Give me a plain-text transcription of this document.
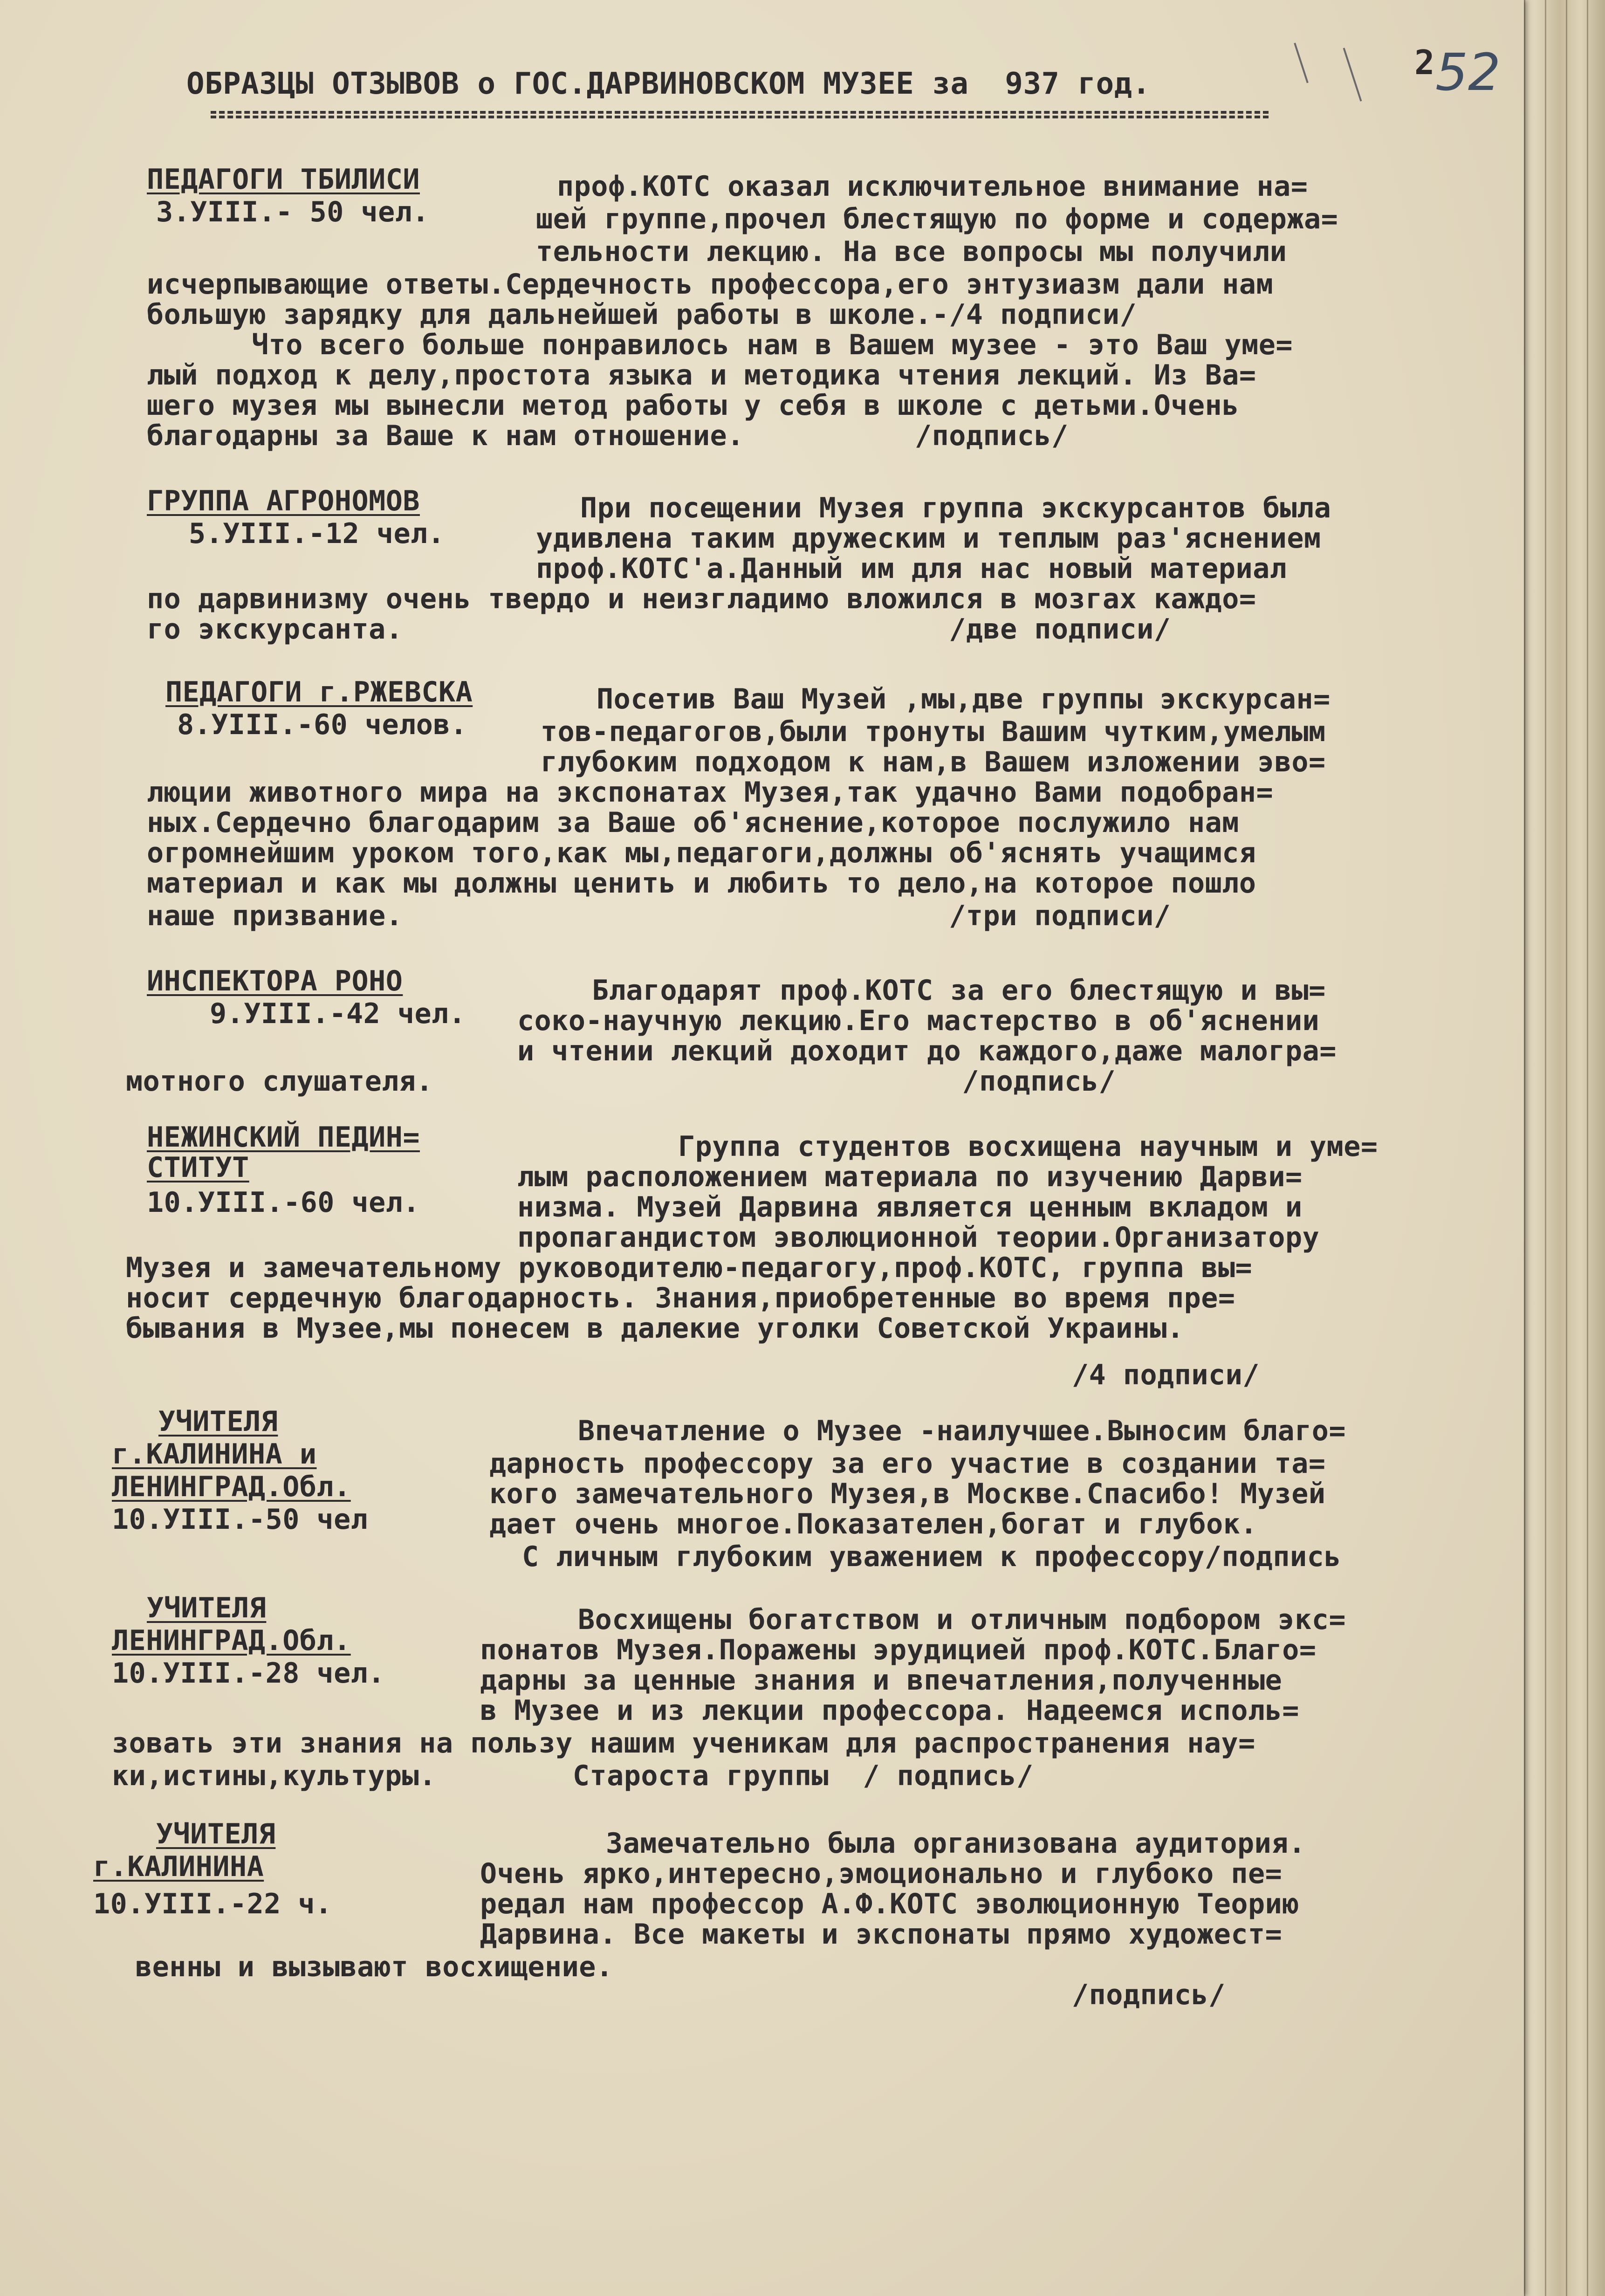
ОБРАЗЦЫ ОТЗЫВОВ о ГОС.ДАРВИНОВСКОМ МУЗЕЕ за  937 год.
2 52
ПЕДАГОГИ ТБИЛИСИ
3.УIII.- 50 чел.
проф.КОТС оказал исключительное внимание на=
шей группе,прочел блестящую по форме и содержа=
тельности лекцию. На все вопросы мы получили
исчерпывающие ответы.Сердечность профессора,его энтузиазм дали нам
большую зарядку для дальнейшей работы в школе.-/4 подписи/
Что всего больше понравилось нам в Вашем музее - это Ваш уме=
лый подход к делу,простота языка и методика чтения лекций. Из Ва=
шего музея мы вынесли метод работы у себя в школе с детьми.Очень
благодарны за Ваше к нам отношение.          /подпись/
ГРУППА АГРОНОМОВ
5.УIII.-12 чел.
При посещении Музея группа экскурсантов была
удивлена таким дружеским и теплым раз'яснением
проф.КОТС'а.Данный им для нас новый материал
по дарвинизму очень твердо и неизгладимо вложился в мозгах каждо=
го экскурсанта.                                /две подписи/
ПЕДАГОГИ г.РЖЕВСКА
8.УIII.-60 челов.
Посетив Ваш Музей ,мы,две группы экскурсан=
тов-педагогов,были тронуты Вашим чутким,умелым
глубоким подходом к нам,в Вашем изложении эво=
люции животного мира на экспонатах Музея,так удачно Вами подобран=
ных.Сердечно благодарим за Ваше об'яснение,которое послужило нам
огромнейшим уроком того,как мы,педагоги,должны об'яснять учащимся
материал и как мы должны ценить и любить то дело,на которое пошло
наше призвание.                                /три подписи/
ИНСПЕКТОРА РОНО
9.УIII.-42 чел.
Благодарят проф.КОТС за его блестящую и вы=
соко-научную лекцию.Его мастерство в об'яснении
и чтении лекций доходит до каждого,даже малогра=
мотного слушателя.                               /подпись/
НЕЖИНСКИЙ ПЕДИН=
СТИТУТ
10.УIII.-60 чел.
Группа студентов восхищена научным и уме=
лым расположением материала по изучению Дарви=
низма. Музей Дарвина является ценным вкладом и
пропагандистом эволюционной теории.Организатору
Музея и замечательному руководителю-педагогу,проф.КОТС, группа вы=
носит сердечную благодарность. Знания,приобретенные во время пре=
бывания в Музее,мы понесем в далекие уголки Советской Украины.
/4 подписи/
УЧИТЕЛЯ
г.КАЛИНИНА и
ЛЕНИНГРАД.Обл.
10.УIII.-50 чел
Впечатление о Музее -наилучшее.Выносим благо=
дарность профессору за его участие в создании та=
кого замечательного Музея,в Москве.Спасибо! Музей
дает очень многое.Показателен,богат и глубок.
С личным глубоким уважением к профессору/подпись
УЧИТЕЛЯ
ЛЕНИНГРАД.Обл.
10.УIII.-28 чел.
Восхищены богатством и отличным подбором экс=
понатов Музея.Поражены эрудицией проф.КОТС.Благо=
дарны за ценные знания и впечатления,полученные
в Музее и из лекции профессора. Надеемся исполь=
зовать эти знания на пользу нашим ученикам для распространения нау=
ки,истины,культуры.        Староста группы  / подпись/
УЧИТЕЛЯ
г.КАЛИНИНА
10.УIII.-22 ч.
Замечательно была организована аудитория.
Очень ярко,интересно,эмоционально и глубоко пе=
редал нам профессор А.Ф.КОТС эволюционную Теорию
Дарвина. Все макеты и экспонаты прямо художест=
венны и вызывают восхищение.
/подпись/
